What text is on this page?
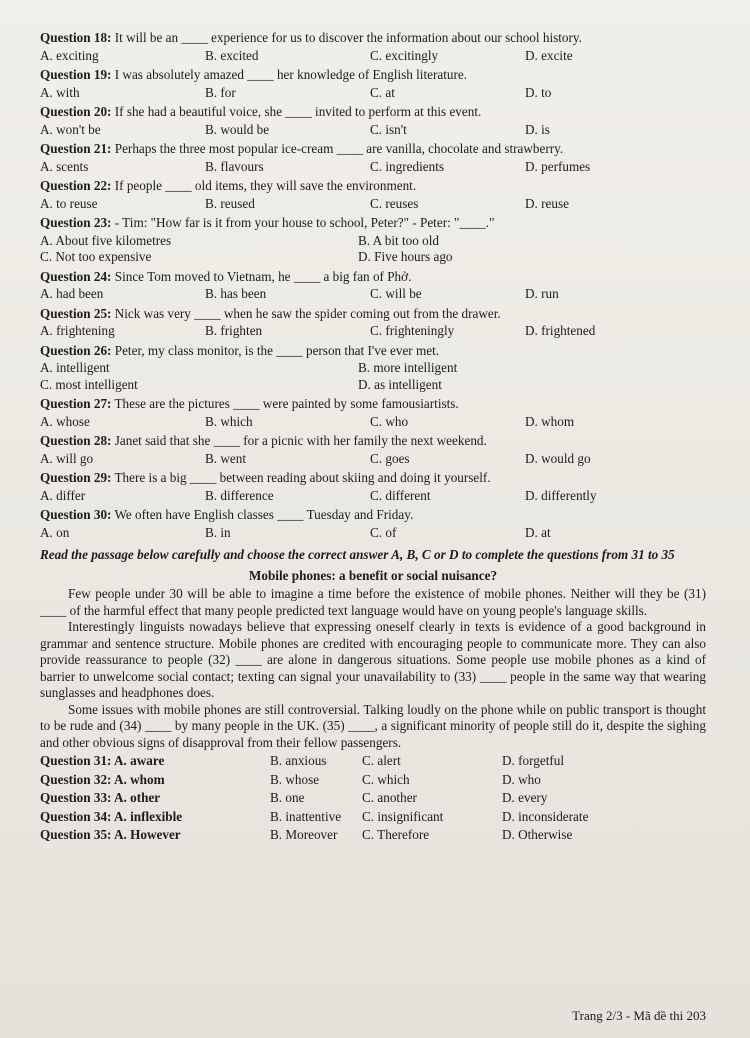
Question 18: It will be an ____ experience for us to discover the information about our school history.

A. exciting	B. excited	C. excitingly	D. excite

Question 19: I was absolutely amazed ____ her knowledge of English literature.

A. with	B. for	C. at	D. to

Question 20: If she had a beautiful voice, she ____ invited to perform at this event.

A. won't be	B. would be	C. isn't	D. is

Question 21: Perhaps the three most popular ice-cream ____ are vanilla, chocolate and strawberry.

A. scents	B. flavours	C. ingredients	D. perfumes

Question 22: If people ____ old items, they will save the environment.

A. to reuse	B. reused	C. reuses	D. reuse

Question 23: - Tim: "How far is it from your house to school, Peter?" - Peter: "____."

A. About five kilometres	B. A bit too old
C. Not too expensive	D. Five hours ago

Question 24: Since Tom moved to Vietnam, he ____ a big fan of Phở.

A. had been	B. has been	C. will be	D. run

Question 25: Nick was very ____ when he saw the spider coming out from the drawer.

A. frightening	B. frighten	C. frighteningly	D. frightened

Question 26: Peter, my class monitor, is the ____ person that I've ever met.

A. intelligent	B. more intelligent
C. most intelligent	D. as intelligent

Question 27: These are the pictures ____ were painted by some famousiartists.

A. whose	B. which	C. who	D. whom

Question 28: Janet said that she ____ for a picnic with her family the next weekend.

A. will go	B. went	C. goes	D. would go

Question 29: There is a big ____ between reading about skiing and doing it yourself.

A. differ	B. difference	C. different	D. differently

Question 30: We often have English classes ____ Tuesday and Friday.

A. on	B. in	C. of	D. at

Read the passage below carefully and choose the correct answer A, B, C or D to complete the questions from 31 to 35

Mobile phones: a benefit or social nuisance?

Few people under 30 will be able to imagine a time before the existence of mobile phones. Neither will they be (31) ____ of the harmful effect that many people predicted text language would have on young people's language skills.

Interestingly linguists nowadays believe that expressing oneself clearly in texts is evidence of a good background in grammar and sentence structure. Mobile phones are credited with encouraging people to communicate more. They can also provide reassurance to people (32) ____ are alone in dangerous situations. Some people use mobile phones as a kind of barrier to unwelcome social contact; texting can signal your unavailability to (33) ____ people in the same way that wearing sunglasses and headphones does.

Some issues with mobile phones are still controversial. Talking loudly on the phone while on public transport is thought to be rude and (34) ____ by many people in the UK. (35) ____, a significant minority of people still do it, despite the sighing and other obvious signs of disapproval from their fellow passengers.

Question 31: A. aware	B. anxious	C. alert	D. forgetful
Question 32: A. whom	B. whose	C. which	D. who
Question 33: A. other	B. one	C. another	D. every
Question 34: A. inflexible	B. inattentive	C. insignificant	D. inconsiderate
Question 35: A. However	B. Moreover	C. Therefore	D. Otherwise
Trang 2/3 - Mã đề thi 203
